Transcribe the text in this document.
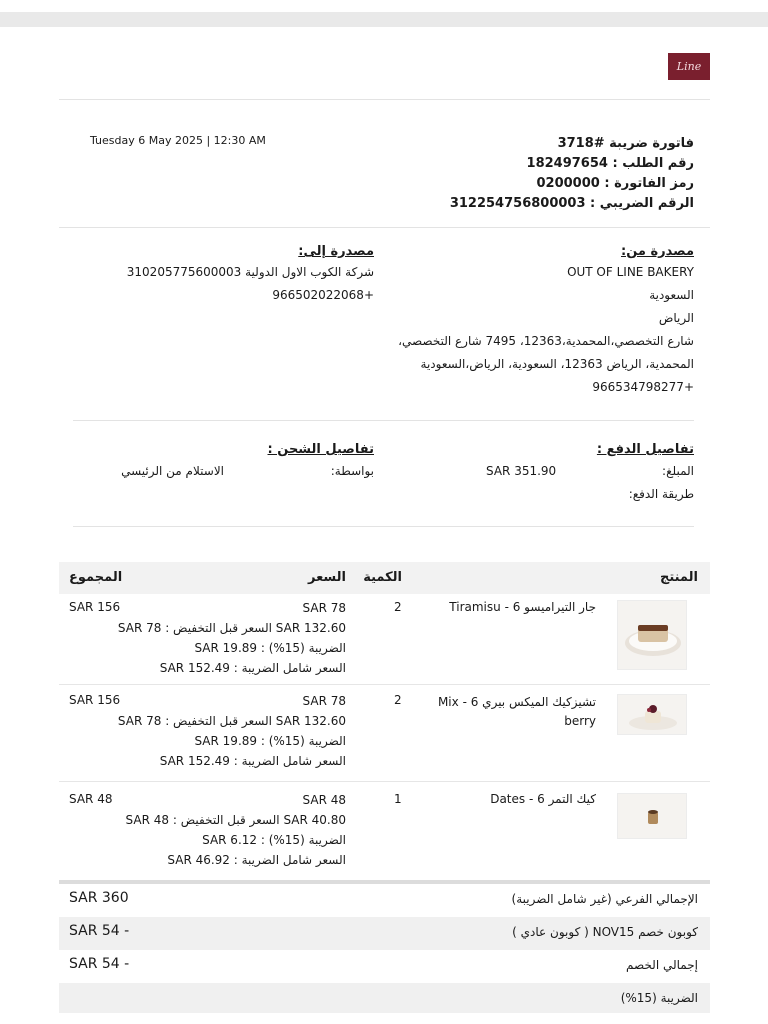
Line
Tuesday 6 May 2025 | 12:30 AM	فاتورة ضريبة #3718
رقم الطلب : 182497654
رمز الفاتورة : 0200000
الرقم الضريبي : 312254756800003
مصدرة من:
OUT OF LINE BAKERY
السعودية
الرياض
شارع التخصصي،المحمدية،12363، 7495 شارع التخصصي،
المحمدية، الرياض 12363، السعودية، الرياض،السعودية
+966534798277
مصدرة إلى:
شركة الكوب الاول الدولية 310205775600003
+966502022068
تفاصيل الدفع :
المبلغ:
SAR 351.90
طريقة الدفع:
تفاصيل الشحن :
بواسطة:
الاستلام من الرئيسي
المنتج
الكمية
السعر
المجموع
جار التيراميسو 6 - Tiramisu
2
SAR 78
SAR 132.60 السعر قبل التخفيض : SAR 78
الضريبة (15%) : SAR 19.89
السعر شامل الضريبة : SAR 152.49
SAR 156
تشيزكيك الميكس بيري 6 - Mix
berry
2
SAR 78
SAR 132.60 السعر قبل التخفيض : SAR 78
الضريبة (15%) : SAR 19.89
السعر شامل الضريبة : SAR 152.49
SAR 156
كيك التمر 6 - Dates
1
SAR 48
SAR 40.80 السعر قبل التخفيض : SAR 48
الضريبة (15%) : SAR 6.12
السعر شامل الضريبة : SAR 46.92
SAR 48
الإجمالي الفرعي (غير شامل الضريبة)
SAR 360
كوبون خصم NOV15 ( كوبون عادي )
SAR 54 -
إجمالي الخصم
SAR 54 -
الضريبة (15%)
